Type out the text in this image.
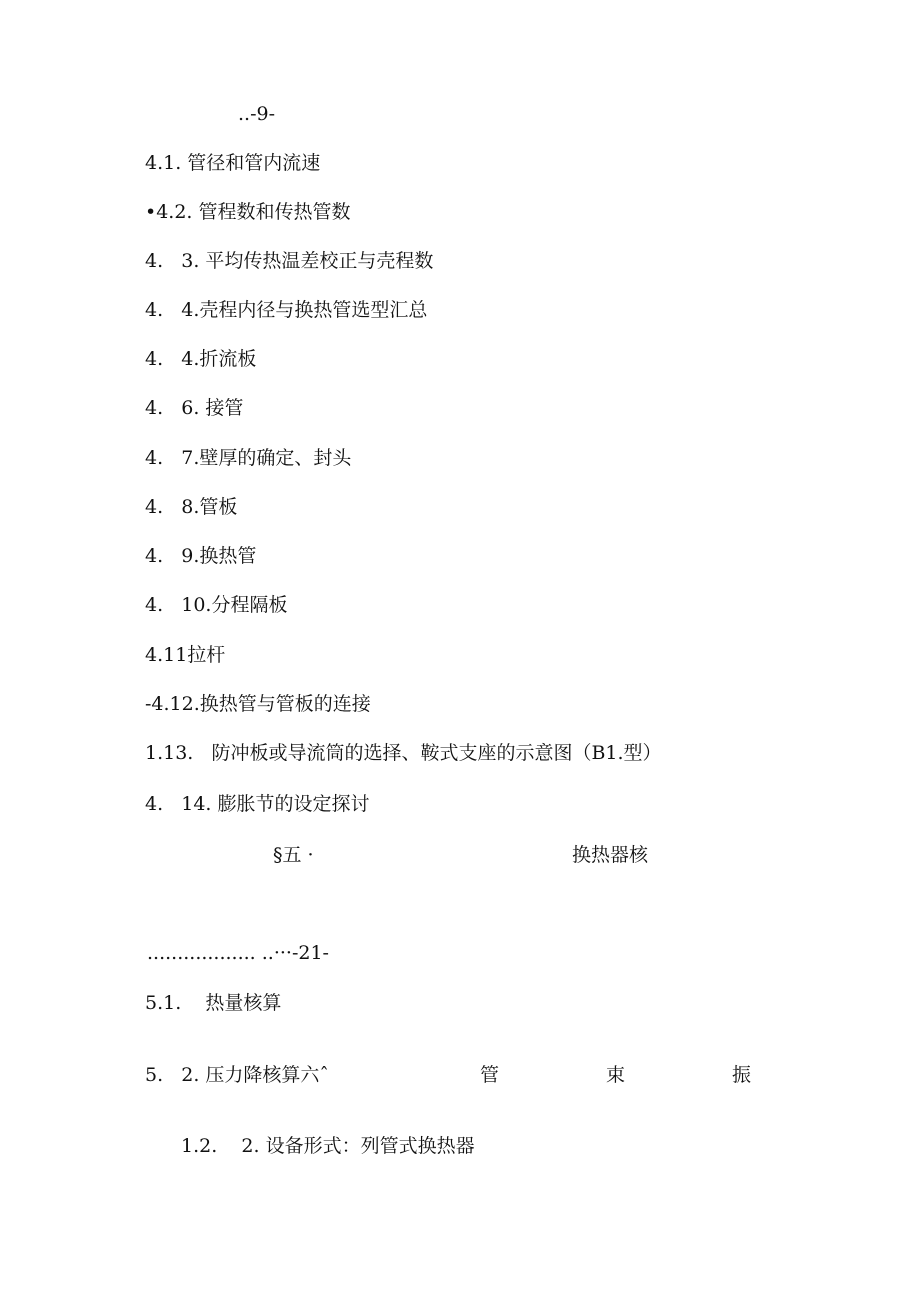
..-9-
4.1. 管径和管内流速
•4.2. 管程数和传热管数
4.   3. 平均传热温差校正与壳程数
4.   4.壳程内径与换热管选型汇总
4.   4.折流板
4.   6. 接管
4.   7.壁厚的确定、封头
4.   8.管板
4.   9.换热管
4.   10.分程隔板
4.11拉杆
-4.12.换热管与管板的连接
1.13.   防冲板或导流筒的选择、鞍式支座的示意图（B1.型）
4.   14. 膨胀节的设定探讨
§五 ·	换热器核
.................. ..···-21-
5.1.    热量核算
5.   2. 压力降核算六ˆ	管	束	振
1.2.    2. 设备形式：列管式换热器
